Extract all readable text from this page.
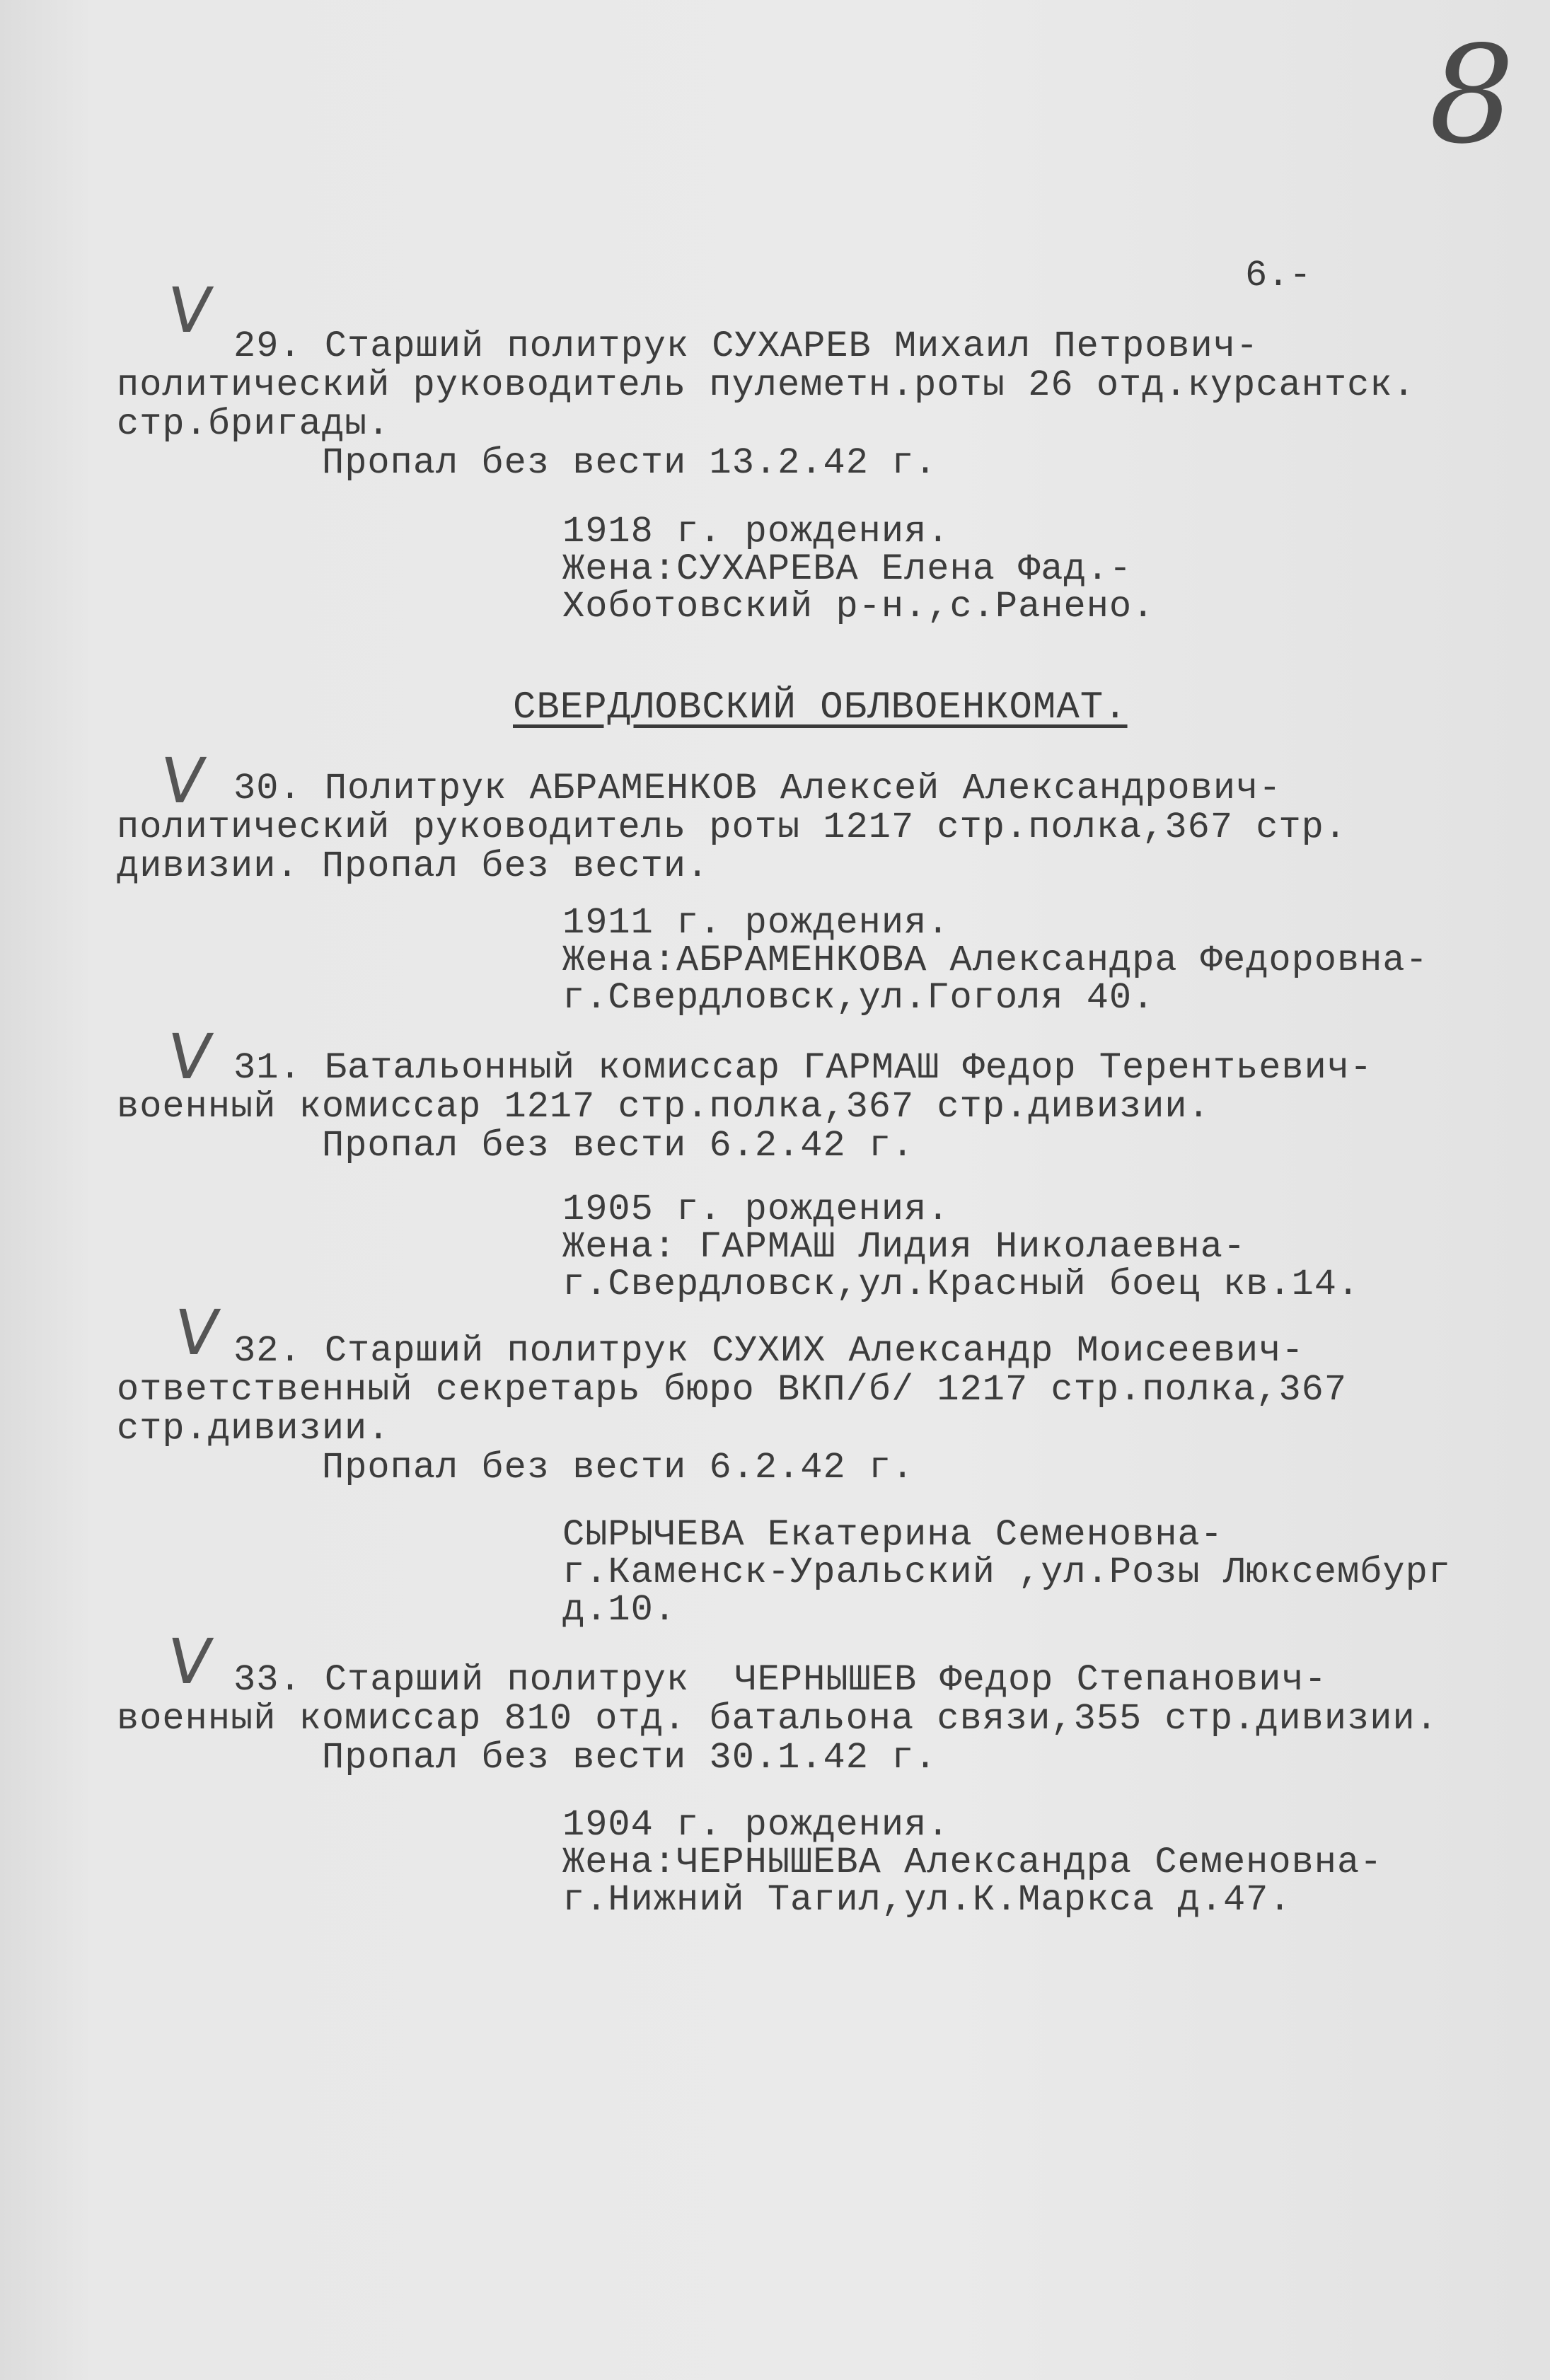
8
6.-
V 29. Старший политрук СУХАРЕВ Михаил Петрович-
политический руководитель пулеметн.роты 26 отд.курсантск.
стр.бригады.
Пропал без вести 13.2.42 г.
1918 г. рождения.
Жена:СУХАРЕВА Елена Фад.-
Хоботовский р-н.,с.Ранено.
СВЕРДЛОВСКИЙ ОБЛВОЕНКОМАТ.
V 30. Политрук АБРАМЕНКОВ Алексей Александрович-
политический руководитель роты 1217 стр.полка,367 стр.
дивизии. Пропал без вести.
1911 г. рождения.
Жена:АБРАМЕНКОВА Александра Федоровна-
г.Свердловск,ул.Гоголя 40.
V 31. Батальонный комиссар ГАРМАШ Федор Терентьевич-
военный комиссар 1217 стр.полка,367 стр.дивизии.
Пропал без вести 6.2.42 г.
1905 г. рождения.
Жена: ГАРМАШ Лидия Николаевна-
г.Свердловск,ул.Красный боец кв.14.
V 32. Старший политрук СУХИХ Александр Моисеевич-
ответственный секретарь бюро ВКП/б/ 1217 стр.полка,367
стр.дивизии.
Пропал без вести 6.2.42 г.
СЫРЫЧЕВА Екатерина Семеновна-
г.Каменск-Уральский ,ул.Розы Люксембург
д.10.
V 33. Старший политрук  ЧЕРНЫШЕВ Федор Степанович-
военный комиссар 810 отд. батальона связи,355 стр.дивизии.
Пропал без вести 30.1.42 г.
1904 г. рождения.
Жена:ЧЕРНЫШЕВА Александра Семеновна-
г.Нижний Тагил,ул.К.Маркса д.47.
